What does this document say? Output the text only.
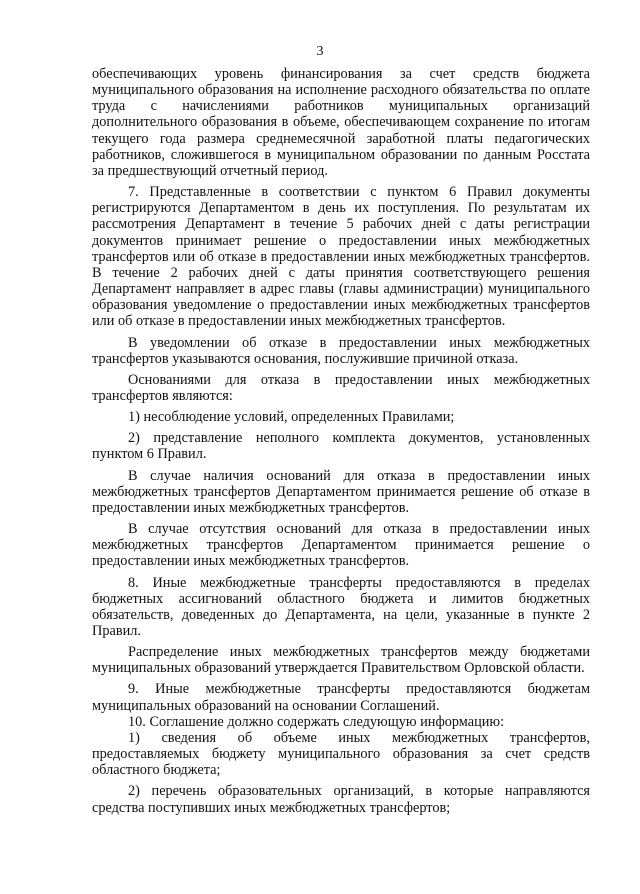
3

обеспечивающих уровень финансирования за счет средств бюджета муниципального образования на исполнение расходного обязательства по оплате труда с начислениями работников муниципальных организаций дополнительного образования в объеме, обеспечивающем сохранение по итогам текущего года размера среднемесячной заработной платы педагогических работников, сложившегося в муниципальном образовании по данным Росстата за предшествующий отчетный период.

7. Представленные в соответствии с пунктом 6 Правил документы регистрируются Департаментом в день их поступления. По результатам их рассмотрения Департамент в течение 5 рабочих дней с даты регистрации документов принимает решение о предоставлении иных межбюджетных трансфертов или об отказе в предоставлении иных межбюджетных трансфертов. В течение 2 рабочих дней с даты принятия соответствующего решения Департамент направляет в адрес главы (главы администрации) муниципального образования уведомление о предоставлении иных межбюджетных трансфертов или об отказе в предоставлении иных межбюджетных трансфертов.

В уведомлении об отказе в предоставлении иных межбюджетных трансфертов указываются основания, послужившие причиной отказа.

Основаниями для отказа в предоставлении иных межбюджетных трансфертов являются:

1) несоблюдение условий, определенных Правилами;

2) представление неполного комплекта документов, установленных пунктом 6 Правил.

В случае наличия оснований для отказа в предоставлении иных межбюджетных трансфертов Департаментом принимается решение об отказе в предоставлении иных межбюджетных трансфертов.

В случае отсутствия оснований для отказа в предоставлении иных межбюджетных трансфертов Департаментом принимается решение о предоставлении иных межбюджетных трансфертов.

8. Иные межбюджетные трансферты предоставляются в пределах бюджетных ассигнований областного бюджета и лимитов бюджетных обязательств, доведенных до Департамента, на цели, указанные в пункте 2 Правил.

Распределение иных межбюджетных трансфертов между бюджетами муниципальных образований утверждается Правительством Орловской области.

9. Иные межбюджетные трансферты предоставляются бюджетам муниципальных образований на основании Соглашений.

10. Соглашение должно содержать следующую информацию:

1) сведения об объеме иных межбюджетных трансфертов, предоставляемых бюджету муниципального образования за счет средств областного бюджета;

2) перечень образовательных организаций, в которые направляются средства поступивших иных межбюджетных трансфертов;
